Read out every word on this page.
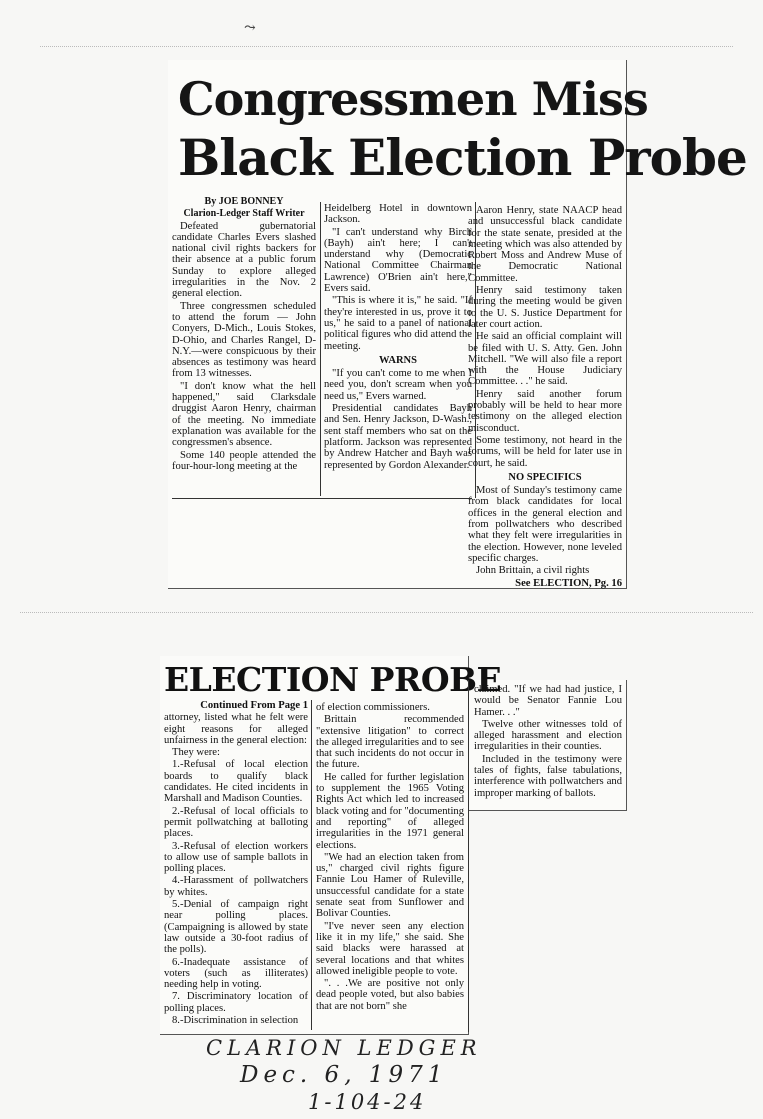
⤳
Congressmen Miss
Black Election Probe

By JOE BONNEY

Clarion-Ledger Staff Writer

Defeated gubernatorial candidate Charles Evers slashed national civil rights backers for their absence at a public forum Sunday to explore alleged irregularities in the Nov. 2 general election.

Three congressmen scheduled to attend the forum — John Conyers, D-Mich., Louis Stokes, D-Ohio, and Charles Rangel, D-N.Y.—were conspicuous by their absences as testimony was heard from 13 witnesses.

"I don't know what the hell happened," said Clarksdale druggist Aaron Henry, chairman of the meeting. No immediate explanation was available for the congressmen's absence.

Some 140 people attended the four-hour-long meeting at the

Heidelberg Hotel in downtown Jackson.

"I can't understand why Birch (Bayh) ain't here; I can't understand why (Democratic National Committee Chairman Lawrence) O'Brien ain't here," Evers said.

"This is where it is," he said. "If they're interested in us, prove it to us," he said to a panel of national political figures who did attend the meeting.

WARNS

"If you can't come to me when I need you, don't scream when you need us," Evers warned.

Presidential candidates Bayh and Sen. Henry Jackson, D-Wash., sent staff members who sat on the platform. Jackson was represented by Andrew Hatcher and Bayh was represented by Gordon Alexander.

Aaron Henry, state NAACP head and unsuccessful black candidate for the state senate, presided at the meeting which was also attended by Robert Moss and Andrew Muse of the Democratic National Committee.

Henry said testimony taken during the meeting would be given to the U. S. Justice Department for later court action.

He said an official complaint will be filed with U. S. Atty. Gen. John Mitchell. "We will also file a report with the House Judiciary Committee. . ." he said.

Henry said another forum probably will be held to hear more testimony on the alleged election misconduct.

Some testimony, not heard in the forums, will be held for later use in court, he said.

NO SPECIFICS

Most of Sunday's testimony came from black candidates for local offices in the general election and from pollwatchers who described what they felt were irregularities in the election. However, none leveled specific charges.

John Brittain, a civil rights

See ELECTION, Pg. 16

ELECTION PROBE

Continued From Page 1

attorney, listed what he felt were eight reasons for alleged unfairness in the general election:

They were:

1.-Refusal of local election boards to qualify black candidates. He cited incidents in Marshall and Madison Counties.

2.-Refusal of local officials to permit pollwatching at balloting places.

3.-Refusal of election workers to allow use of sample ballots in polling places.

4.-Harassment of pollwatchers by whites.

5.-Denial of campaign right near polling places. (Campaigning is allowed by state law outside a 30-foot radius of the polls).

6.-Inadequate assistance of voters (such as illiterates) needing help in voting.

7. Discriminatory location of polling places.

8.-Discrimination in selection

of election commissioners.

Brittain recommended "extensive litigation" to correct the alleged irregularities and to see that such incidents do not occur in the future.

He called for further legislation to supplement the 1965 Voting Rights Act which led to increased black voting and for "documenting and reporting" of alleged irregularities in the 1971 general elections.

"We had an election taken from us," charged civil rights figure Fannie Lou Hamer of Ruleville, unsuccessful candidate for a state senate seat from Sunflower and Bolivar Counties.

"I've never seen any election like it in my life," she said. She said blacks were harassed at several locations and that whites allowed ineligible people to vote.

". . .We are positive not only dead people voted, but also babies that are not born" she

claimed. "If we had had justice, I would be Senator Fannie Lou Hamer. . ."

Twelve other witnesses told of alleged harassment and election irregularities in their counties.

Included in the testimony were tales of fights, false tabulations, interference with pollwatchers and improper marking of ballots.

CLARION LEDGER
Dec. 6, 1971
1-104-24
